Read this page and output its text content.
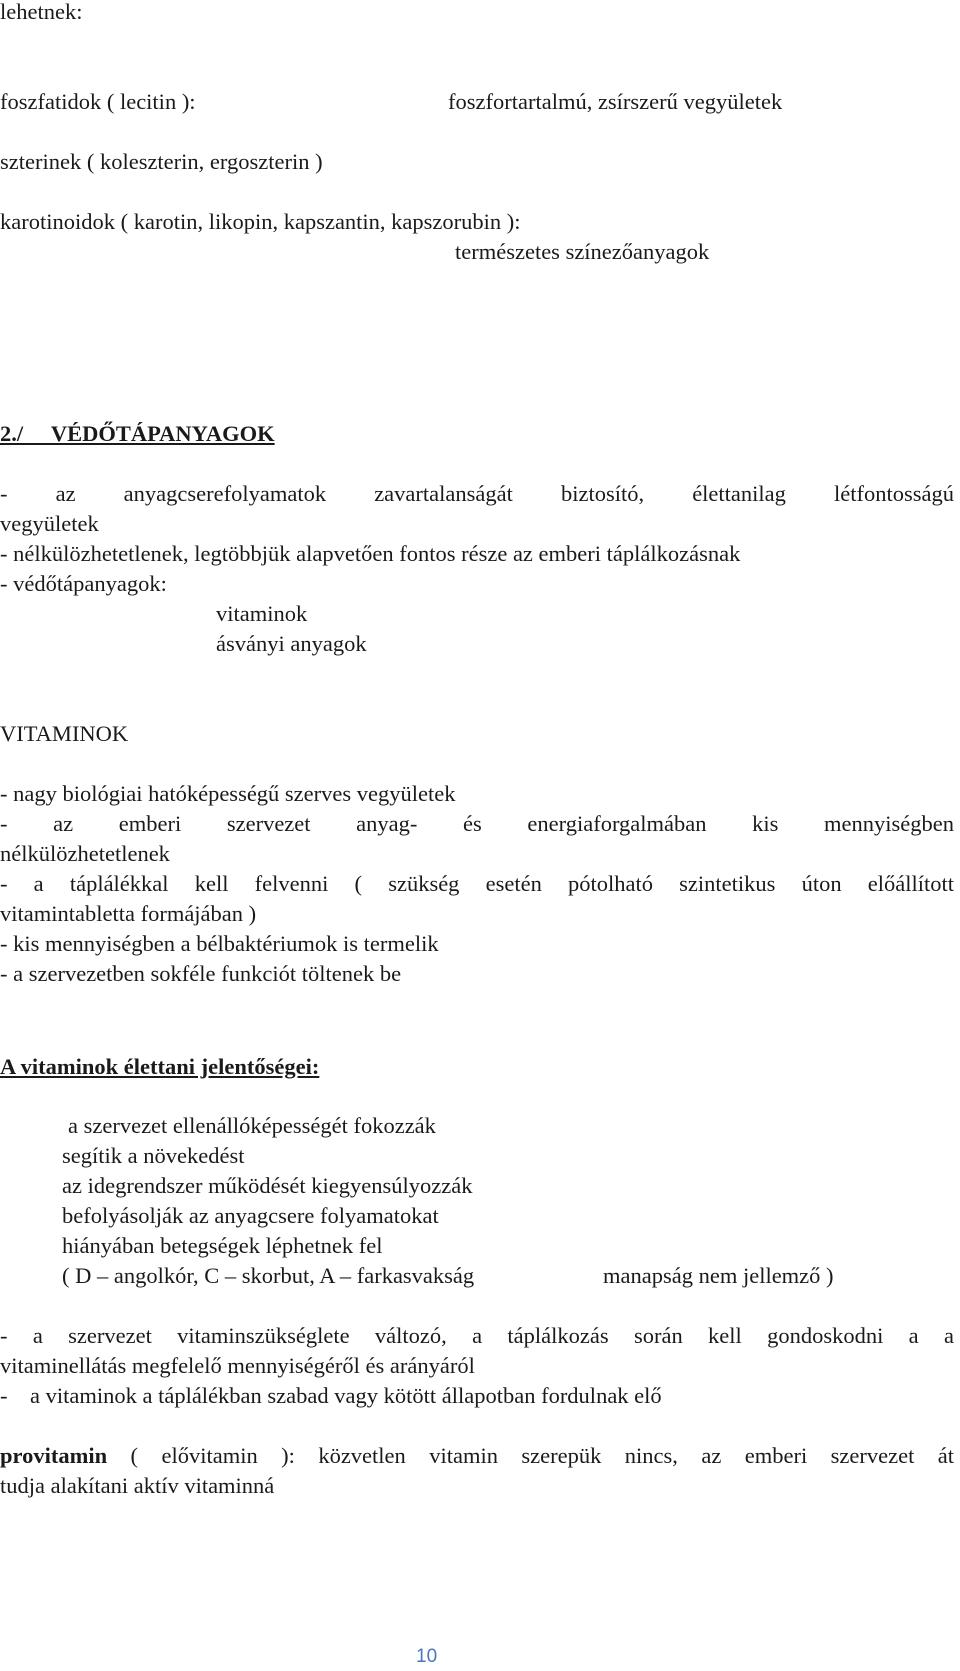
lehetnek:
foszfatidok ( lecitin ):	foszfortartalmú, zsírszerű vegyületek
szterinek ( koleszterin, ergoszterin )
karotinoidok ( karotin, likopin, kapszantin, kapszorubin ):
természetes színezőanyagok
2./     VÉDŐTÁPANYAGOK
- az anyagcserefolyamatok zavartalanságát biztosító, élettanilag létfontosságú
vegyületek
- nélkülözhetetlenek, legtöbbjük alapvetően fontos része az emberi táplálkozásnak
- védőtápanyagok:
vitaminok
ásványi anyagok
VITAMINOK
- nagy biológiai hatóképességű szerves vegyületek
- az emberi szervezet anyag- és energiaforgalmában kis mennyiségben
nélkülözhetetlenek
- a táplálékkal kell felvenni ( szükség esetén pótolható szintetikus úton előállított
vitamintabletta formájában )
- kis mennyiségben a bélbaktériumok is termelik
- a szervezetben sokféle funkciót töltenek be
A vitaminok élettani jelentőségei:
a szervezet ellenállóképességét fokozzák
segítik a növekedést
az idegrendszer működését kiegyensúlyozzák
befolyásolják az anyagcsere folyamatokat
hiányában betegségek léphetnek fel
( D – angolkór, C – skorbut, A – farkasvakság	manapság nem jellemző )
- a szervezet vitaminszükséglete változó, a táplálkozás során kell gondoskodni a a
vitaminellátás megfelelő mennyiségéről és arányáról
-    a vitaminok a táplálékban szabad vagy kötött állapotban fordulnak elő
provitamin ( elővitamin ): közvetlen vitamin szerepük nincs, az emberi szervezet át
tudja alakítani aktív vitaminná
10
